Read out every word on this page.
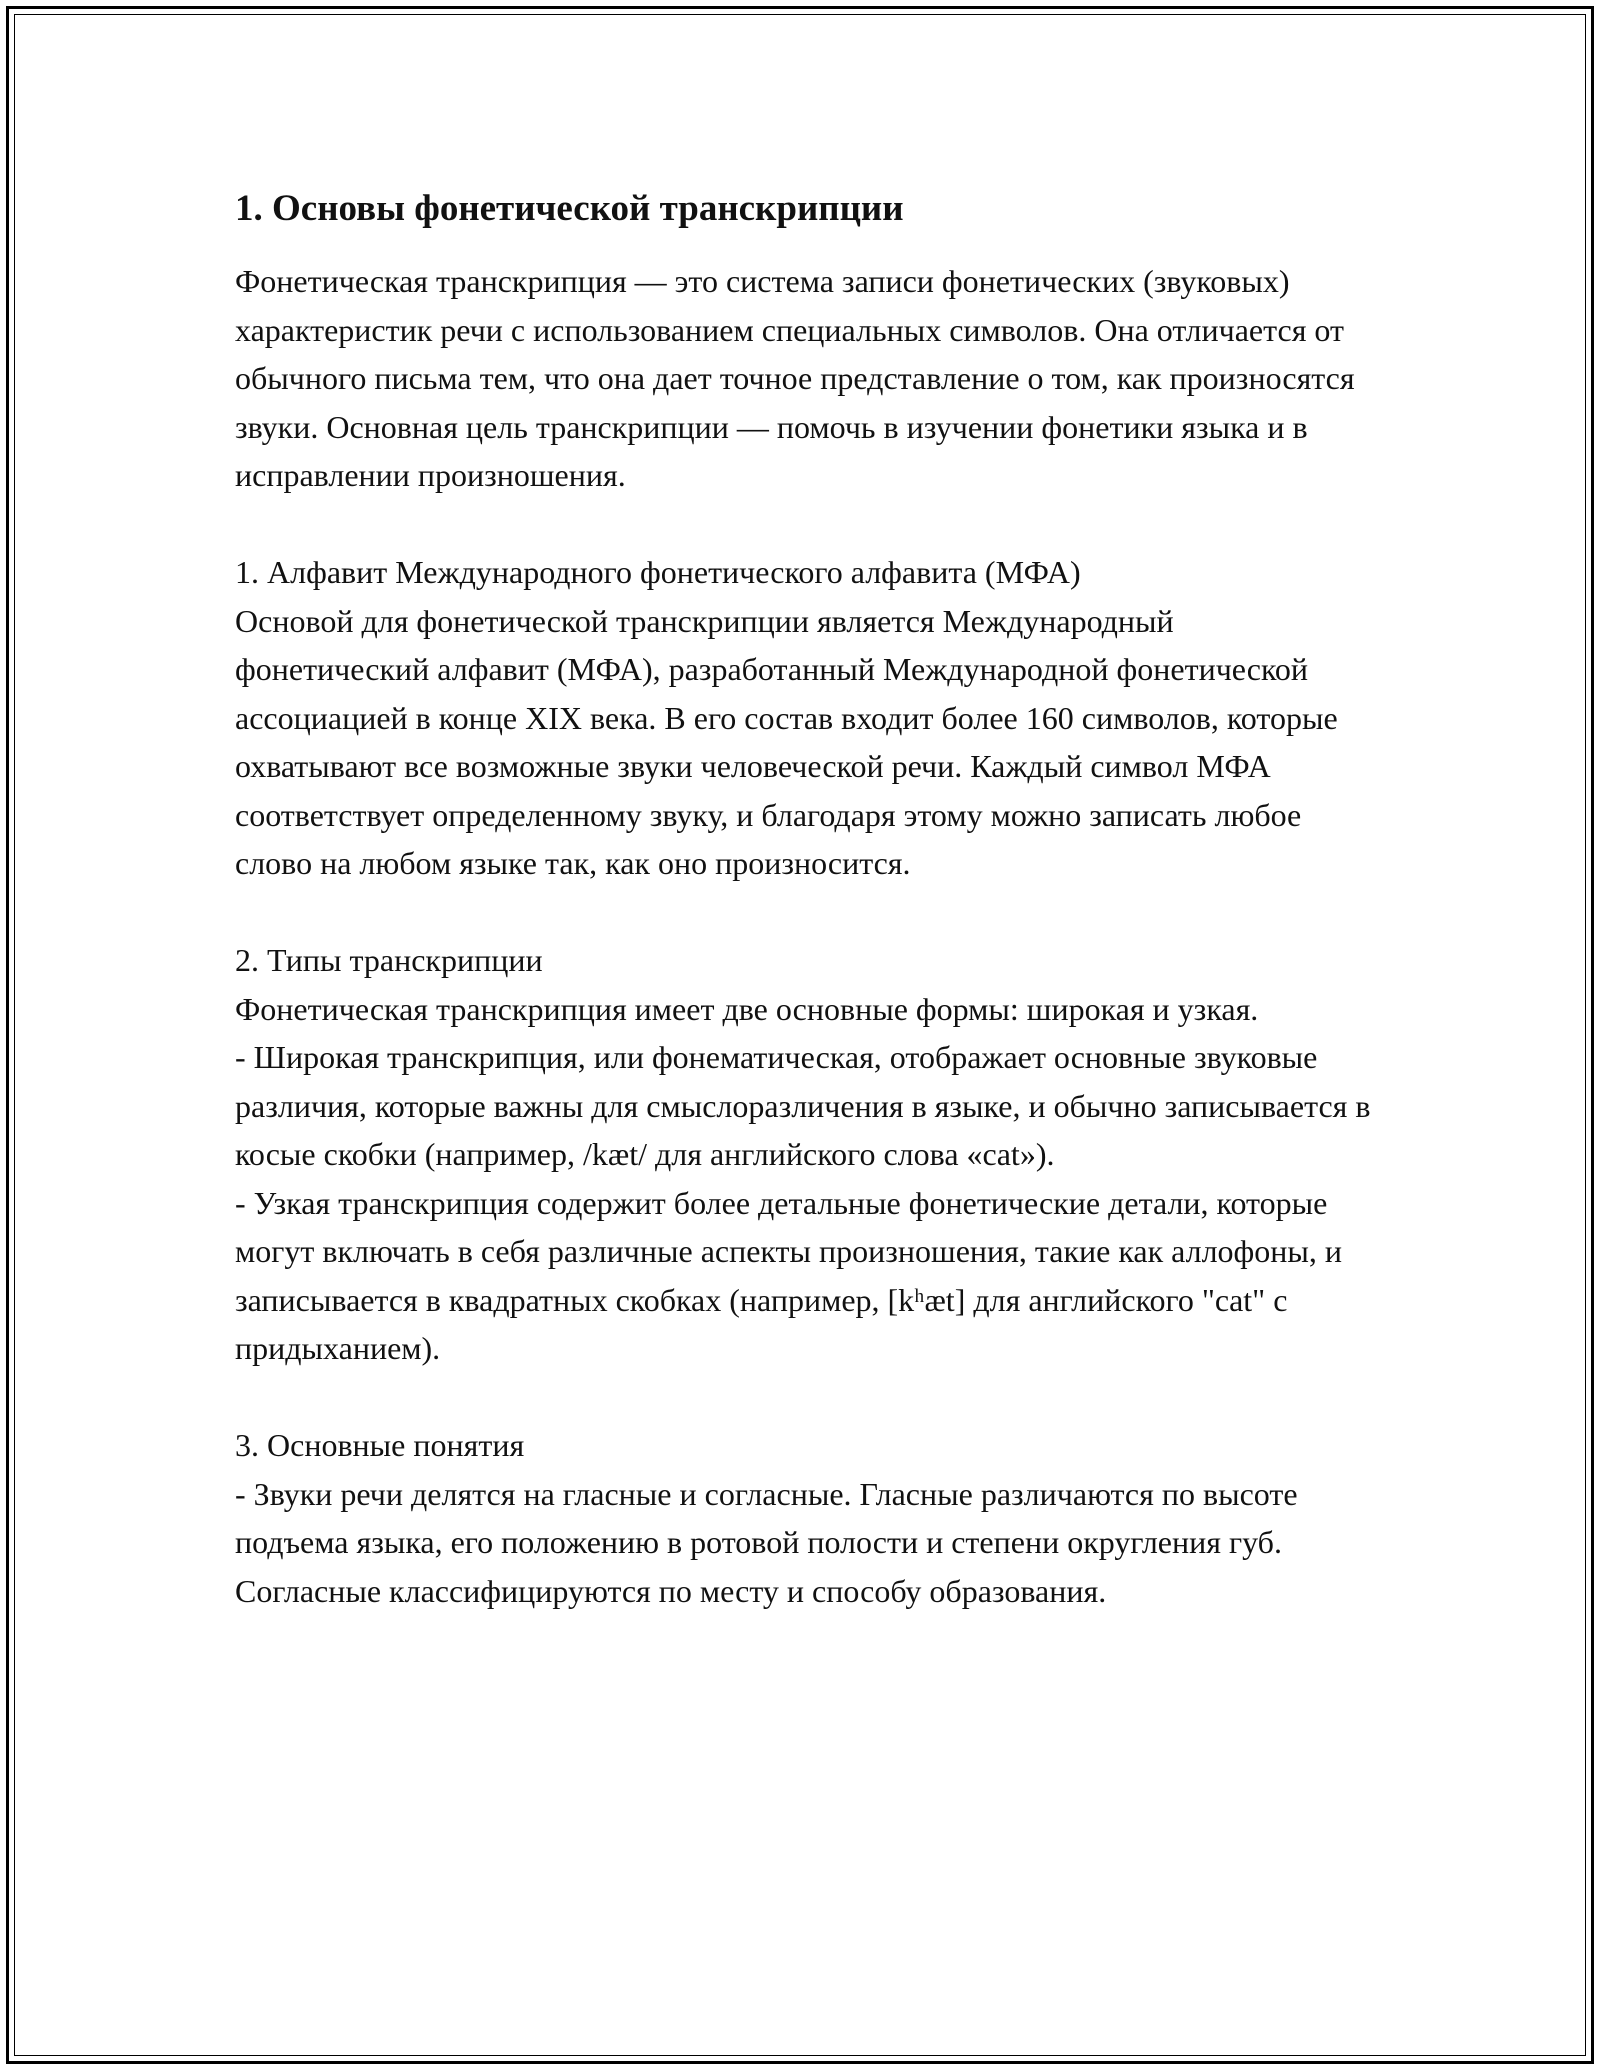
1. Основы фонетической транскрипции

Фонетическая транскрипция — это система записи фонетических (звуковых) характеристик речи с использованием специальных символов. Она отличается от обычного письма тем, что она дает точное представление о том, как произносятся звуки. Основная цель транскрипции — помочь в изучении фонетики языка и в исправлении произношения.

1. Алфавит Международного фонетического алфавита (МФА)

Основой для фонетической транскрипции является Международный фонетический алфавит (МФА), разработанный Международной фонетической ассоциацией в конце XIX века. В его состав входит более 160 символов, которые охватывают все возможные звуки человеческой речи. Каждый символ МФА соответствует определенному звуку, и благодаря этому можно записать любое слово на любом языке так, как оно произносится.

2. Типы транскрипции

Фонетическая транскрипция имеет две основные формы: широкая и узкая.

- Широкая транскрипция, или фонематическая, отображает основные звуковые различия, которые важны для смыслоразличения в языке, и обычно записывается в косые скобки (например, /kæt/ для английского слова «cat»).

- Узкая транскрипция содержит более детальные фонетические детали, которые могут включать в себя различные аспекты произношения, такие как аллофоны, и записывается в квадратных скобках (например, [kʰæt] для английского "cat" с придыханием).

3. Основные понятия

- Звуки речи делятся на гласные и согласные. Гласные различаются по высоте подъема языка, его положению в ротовой полости и степени округления губ. Согласные классифицируются по месту и способу образования.
